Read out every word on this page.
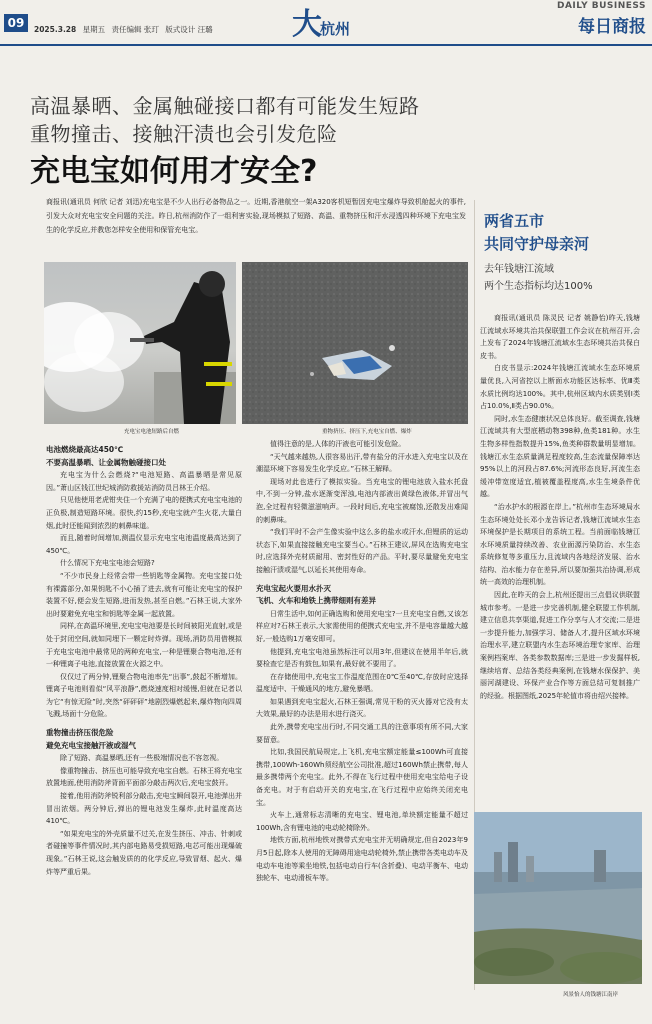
09	2025.3.28 星期五 责任编辑 张玎 版式设计 汪璐	大
杭州
DAILY BUSINESS
每日商报
高温暴晒、金属触碰接口都有可能发生短路
重物撞击、接触汗渍也会引发危险
充电宝如何用才安全?
商报讯(通讯员 何欣 记者 刘迅)充电宝是不少人出行必备物品之一。近期,香港航空一架A320客机短暂因充电宝爆炸导致机舱起火的事件,引发大众对充电宝安全问题的关注。昨日,杭州消防作了一组利害实验,现场模拟了短路、高温、重物挤压和汗水浸透四种环境下充电宝发生的化学反应,并教您怎样安全使用和保管充电宝。
充电宝电池短路后自燃	重物挤压、挤压下,充电宝自燃、爆炸

电池燃烧最高达450℃

不要高温暴晒、让金属物触碰接口处

充电宝为什么会燃烧?“电池短路、高温暴晒是常见原因。”萧山区钱江世纪城消防救援站消防员吕林王介绍。

只见他使用老虎钳夹住一个充满了电的便携式充电宝电池的正负极,制造短路环境。很快,约15秒,充电宝就产生火花,大量白烟,此时还能闻到浓烈的刺鼻味道。

而且,随着时间增加,测温仪显示充电宝电池温度最高达到了450℃。

什么情况下充电宝电池会短路?

“不少市民身上经常会带一些钥匙等金属物。充电宝接口处有裸露部分,如果钥匙不小心插了进去,就有可能让充电宝的保护装置不好,便会发生短路,进而发热,甚至自燃。”石林王说,大家外出时要避免充电宝和钥匙等金属一起放置。

同样,在高温环境里,充电宝电池要是长时间被阳光直射,或是处于封闭空间,就如同埋下一颗定时炸弹。现场,消防员用借模拟于充电宝电池中最常见的两种充电宝,一种是锂聚合物电池,还有一种锂离子电池,直接放置在火源之中。

仅仅过了两分钟,锂聚合物电池率先“出事”,鼓起不断增加。锂离子电池则看似“风平浪静”,燃烧速度相对缓慢,但就在记者以为它“有惊无险”时,突然“砰砰砰”地剧烈爆燃起来,爆炸物向四周飞溅,场面十分危险。

重物撞击挤压很危险

避免充电宝接触汗液或湿气

除了短路、高温暴晒,还有一些极端情况也不容忽视。

像重物撞击、挤压也可能导致充电宝自燃。石林王将充电宝放置地面,使用消防斧背面平面部分敲击两次后,充电宝鼓开。

接着,他用消防斧锐利部分敲击,充电宝瞬间裂开,电池弹出并冒出浓烟。两分钟后,弹出的锂电池发生爆炸,此时温度高达410℃。

“如果充电宝的外壳质量不过关,在发生挤压、冲击、针刺或者碰撞等事件情况时,其内部电路易受损短路,电芯可能出现爆破现象。”石林王说,这会触发质的的化学反应,导致冒烟、起火、爆炸等严重后果。

值得注意的是,人体的汗液也可能引发危险。

“天气越来越热,人很容易出汗,带有盐分的汗水进入充电宝以及在潮湿环境下容易发生化学反应。”石林王解释。

现场对此也进行了模拟实验。当充电宝的锂电池放入盐水托盘中,不到一分钟,盐水逐渐变浑浊,电池内部液出黄绿色液体,并冒出气泡,全过程有轻微滋滋响声。一段时间后,充电宝被腐蚀,还散发出难闻的刺鼻味。

“我们平时不会产生像实验中这么多的盐水或汗水,但锂质的运动状态下,如果直接接触充电宝要当心。”石林王建议,屏风在选购充电宝时,应选择外壳材质耐用、密封性好的产品。平时,要尽量避免充电宝接触汗渍或湿气,以延长其使用寿命。

充电宝起火要用水扑灭

飞机、火车和地铁上携带细则有差异

日常生活中,如何正确选购和使用充电宝?一旦充电宝自燃,又该怎样应对?石林王表示,大家需使用的便携式充电宝,并不是电容量越大越好,一般选购1万毫安即可。

他提到,充电宝电池虽然标注可以用3年,但建议在使用半年后,就要检查它是否有鼓包,如果有,最好就不要用了。

在存储使用中,充电宝工作温度范围在0℃至40℃,存放时应选择温度适中、干燥通风的地方,避免暴晒。

如果遇到充电宝起火,石林王强调,常见干粉的灭火器对它没有太大效果,最好的办法是用水进行浇灭。

此外,携带充电宝出行时,不同交通工具的注意事项有所不同,大家要留意。

比如,我国民航局规定,上飞机,充电宝额定能量≤100Wh可直接携带,100Wh-160Wh须经航空公司批准,超过160Wh禁止携带,每人最多携带两个充电宝。此外,不得在飞行过程中使用充电宝给电子设备充电。对于有启动开关的充电宝,在飞行过程中应始终关闭充电宝。

火车上,通常标志清晰的充电宝、锂电池,单块额定能量不超过100Wh,含有锂电池的电动轮椅除外。

地铁方面,杭州地铁对携带式充电宝并无明确规定,但自2023年9月5日起,除本人使用的无障碍用途电动轮椅外,禁止携带各类电动车及电动车电池等乘坐地铁,包括电动自行车(含折叠)、电动平衡车、电动独轮车、电动滑板车等。

两省五市
共同守护母亲河
去年钱塘江流域
两个生态指标均达100%

商报讯(通讯员 陈灵民 记者 姚静怡)昨天,钱塘江流域水环境共治共保联盟工作会议在杭州召开,会上发布了2024年钱塘江流域水生态环境共治共保白皮书。

白皮书显示:2024年钱塘江流域水生态环境质量优良,入河省控以上断面水功能区达标率、优Ⅲ类水质比例均达100%。其中,杭州区域内水质类别Ⅰ类占10.0%,Ⅱ类占90.0%。

同时,水生态健康状况总体良好。截至调查,钱塘江流域共有大型底栖动物398种,鱼类181种。水生生物多样性指数提升15%,鱼类种群数量明显增加。钱塘江水生态质量满足程度较高,生态流量保障率达95%以上的河段占87.6%;河流形态良好,河流生态缓冲带宽度适宜,植被覆盖程度高,水生生境条件优越。

“治水护水的根源在岸上。”杭州市生态环境局水生态环境处处长邓小龙告诉记者,钱塘江流域水生态环境保护是长期项目的系统工程。当前面临钱塘江水环境质量持续改善、农业面源污染防治、水生态系统修复等多重压力,且流域内各地经济发展、治水结构、治水能力存在差异,所以要加强共治协调,形成统一高效的治理机制。

因此,在昨天的会上,杭州还提出三点倡议供联盟城市参考。一是进一步完善机制,健全联盟工作机制,建立信息共享渠道,促进工作分享与人才交流;二是进一步提升能力,加强学习、储备人才,提升区域水环境治理水平,建立联盟内水生态环境治理专家库、治理案例档案库、各类参数数据库;三是进一步发掘样板,继续培育、总结各类经典案例,在钱塘水保保护、美丽河湖建设、环保产业合作等方面总结可复制推广的经验。根据图纸,2025年轮值市将由绍兴接棒。

风景怡人的钱塘江南岸
